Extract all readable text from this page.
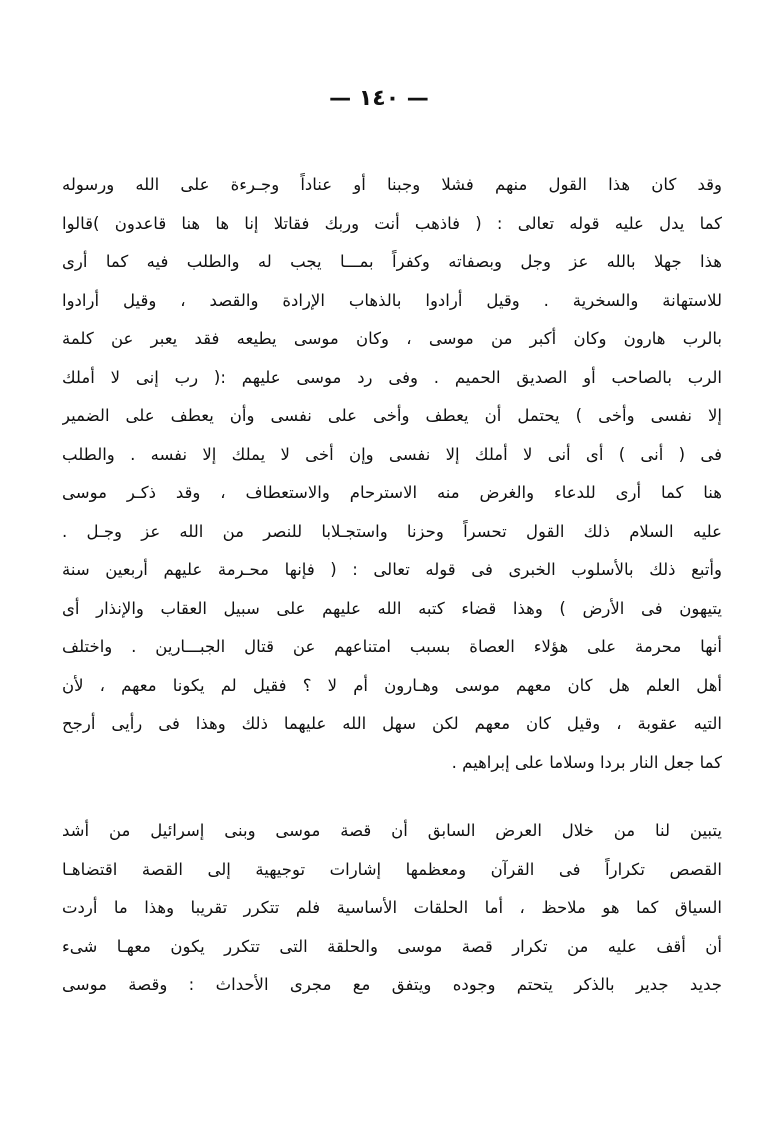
— ١٤٠ —
وقد كان هذا القول منهم فشلا وجبنا أو عناداً وجـرءة على الله ورسوله
كما يدل عليه قوله تعالى : ( فاذهب أنت وربك فقاتلا إنا ها هنا قاعدون )قالوا
هذا جهلا بالله عز وجل وبصفاته وكفراً بمـــا يجب له والطلب فيه كما أرى
للاستهانة والسخرية . وقيل أرادوا بالذهاب الإرادة والقصد ، وقيل أرادوا
بالرب هارون وكان أكبر من موسى ، وكان موسى يطيعه فقد يعبر عن كلمة
الرب بالصاحب أو الصديق الحميم . وفى رد موسى عليهم :( رب إنى لا أملك
إلا نفسى وأخى ) يحتمل أن يعطف وأخى على نفسى وأن يعطف على الضمير
فى ( أنى ) أى أنى لا أملك إلا نفسى وإن أخى لا يملك إلا نفسه . والطلب
هنا كما أرى للدعاء والغرض منه الاسترحام والاستعطاف ، وقد ذكـر موسى
عليه السلام ذلك القول تحسراً وحزنا واستجـلابا للنصر من الله عز وجـل .
وأتبع ذلك بالأسلوب الخبرى فى قوله تعالى : ( فإنها محـرمة عليهم أربعين سنة
يتيهون فى الأرض ) وهذا قضاء كتبه الله عليهم على سبيل العقاب والإنذار أى
أنها محرمة على هؤلاء العصاة بسبب امتناعهم عن قتال الجبـــارين . واختلف
أهل العلم هل كان معهم موسى وهـارون أم لا ؟ فقيل لم يكونا معهم ، لأن
التيه عقوبة ، وقيل كان معهم لكن سهل الله عليهما ذلك وهذا فى رأيى أرجح
كما جعل النار بردا وسلاما على إبراهيم .
يتبين لنا من خلال العرض السابق أن قصة موسى وبنى إسرائيل من أشد
القصص تكراراً فى القرآن ومعظمها إشارات توجيهية إلى القصة اقتضاهـا
السياق كما هو ملاحظ ، أما الحلقات الأساسية فلم تتكرر تقريبا وهذا ما أردت
أن أقف عليه من تكرار قصة موسى والحلقة التى تتكرر يكون معهـا شىء
جديد جدير بالذكر يتحتم وجوده ويتفق مع مجرى الأحداث : وقصة موسى
